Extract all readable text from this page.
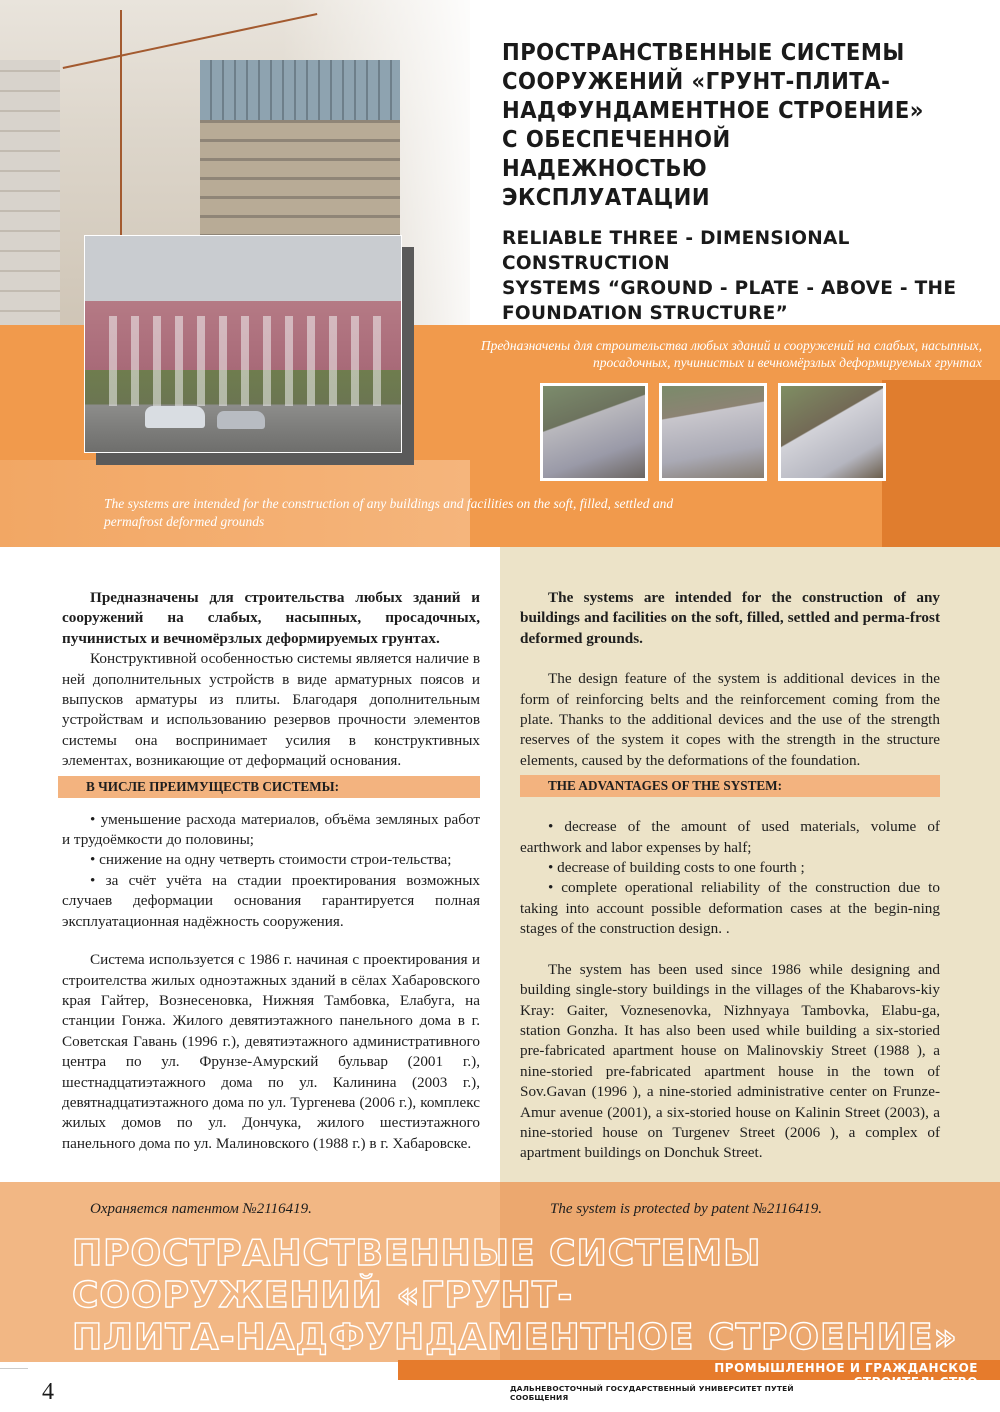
ПРОСТРАНСТВЕННЫЕ СИСТЕМЫ
СООРУЖЕНИЙ «ГРУНТ-ПЛИТА-
НАДФУНДАМЕНТНОЕ СТРОЕНИЕ»
С ОБЕСПЕЧЕННОЙ НАДЕЖНОСТЬЮ
ЭКСПЛУАТАЦИИ
RELIABLE THREE - DIMENSIONAL CONSTRUCTION
SYSTEMS “GROUND - PLATE - ABOVE - THE
FOUNDATION STRUCTURE”
Предназначены для строительства любых зданий и сооружений на слабых, насыпных, просадочных, пучинистых и вечномёрзлых деформируемых грунтах
The systems are intended for the construction of any buildings and facilities on the soft, filled, settled and permafrost deformed grounds
Предназначены для строительства любых зданий и сооружений на слабых, насыпных, просадочных, пучинистых и вечномёрзлых деформируемых грунтах.
Конструктивной особенностью системы является наличие в ней дополнительных устройств в виде арматурных поясов и выпусков арматуры из плиты. Благодаря дополнительным устройствам и использованию резервов прочности элементов системы она воспринимает усилия в конструктивных элементах, возникающие от деформаций основания.
В ЧИСЛЕ ПРЕИМУЩЕСТВ СИСТЕМЫ:
• уменьшение расхода материалов, объёма земляных работ и трудоёмкости до половины;
• снижение на одну четверть стоимости строи-тельства;
• за счёт учёта на стадии проектирования возможных случаев деформации основания гарантируется полная эксплуатационная надёжность сооружения.
Система используется с 1986 г. начиная с проектирования и строителства жилых одноэтажных зданий в сёлах Хабаровского края Гайтер, Вознесеновка, Нижняя Тамбовка, Елабуга, на станции Гонжа. Жилого девятиэтажного панельного дома в г. Советская Гавань (1996 г.), девятиэтажного административного центра по ул. Фрунзе-Амурский бульвар (2001 г.), шестнадцатиэтажного дома по ул. Калинина (2003 г.), девятнадцатиэтажного дома по ул. Тургенева (2006 г.), комплекс жилых домов по ул. Дончука, жилого шестиэтажного панельного дома по ул. Малиновского (1988 г.) в г. Хабаровске.
The systems are intended for the construction of any buildings and facilities on the soft, filled, settled and perma-frost deformed grounds.
The design feature of the system is additional devices in the form of reinforcing belts and the reinforcement coming from the plate. Thanks to the additional devices and the use of the strength reserves of the system it copes with the strength in the structure elements, caused by the deformations of the foundation.
THE ADVANTAGES OF THE SYSTEM:
• decrease of the amount of used materials, volume of earthwork and labor expenses by half;
• decrease of building costs to one fourth ;
• complete operational reliability of the construction due to taking into account possible deformation cases at the begin-ning stages of the construction design. .
The system has been used since 1986 while designing and building single-story buildings in the villages of the Khabarovs-kiy Kray: Gaiter, Voznesenovka, Nizhnyaya Tambovka, Elabu-ga, station Gonzha. It has also been used while building a six-storied pre-fabricated apartment house on Malinovskiy Street (1988 ), a nine-storied pre-fabricated apartment house in the town of Sov.Gavan (1996 ), a nine-storied administrative center on Frunze- Amur avenue (2001), a six-storied house on Kalinin Street (2003), a nine-storied house on Turgenev Street (2006 ), a complex of apartment buildings on Donchuk Street.
Охраняется патентом №2116419.	The system is protected by patent №2116419.
ПРОСТРАНСТВЕННЫЕ СИСТЕМЫ СООРУЖЕНИЙ «ГРУНТ-
ПЛИТА-НАДФУНДАМЕНТНОЕ СТРОЕНИЕ»
ПРОМЫШЛЕННОЕ И ГРАЖДАНСКОЕ СТРОИТЕЛЬСТВО
ДАЛЬНЕВОСТОЧНЫЙ ГОСУДАРСТВЕННЫЙ УНИВЕРСИТЕТ ПУТЕЙ СООБЩЕНИЯ
4
